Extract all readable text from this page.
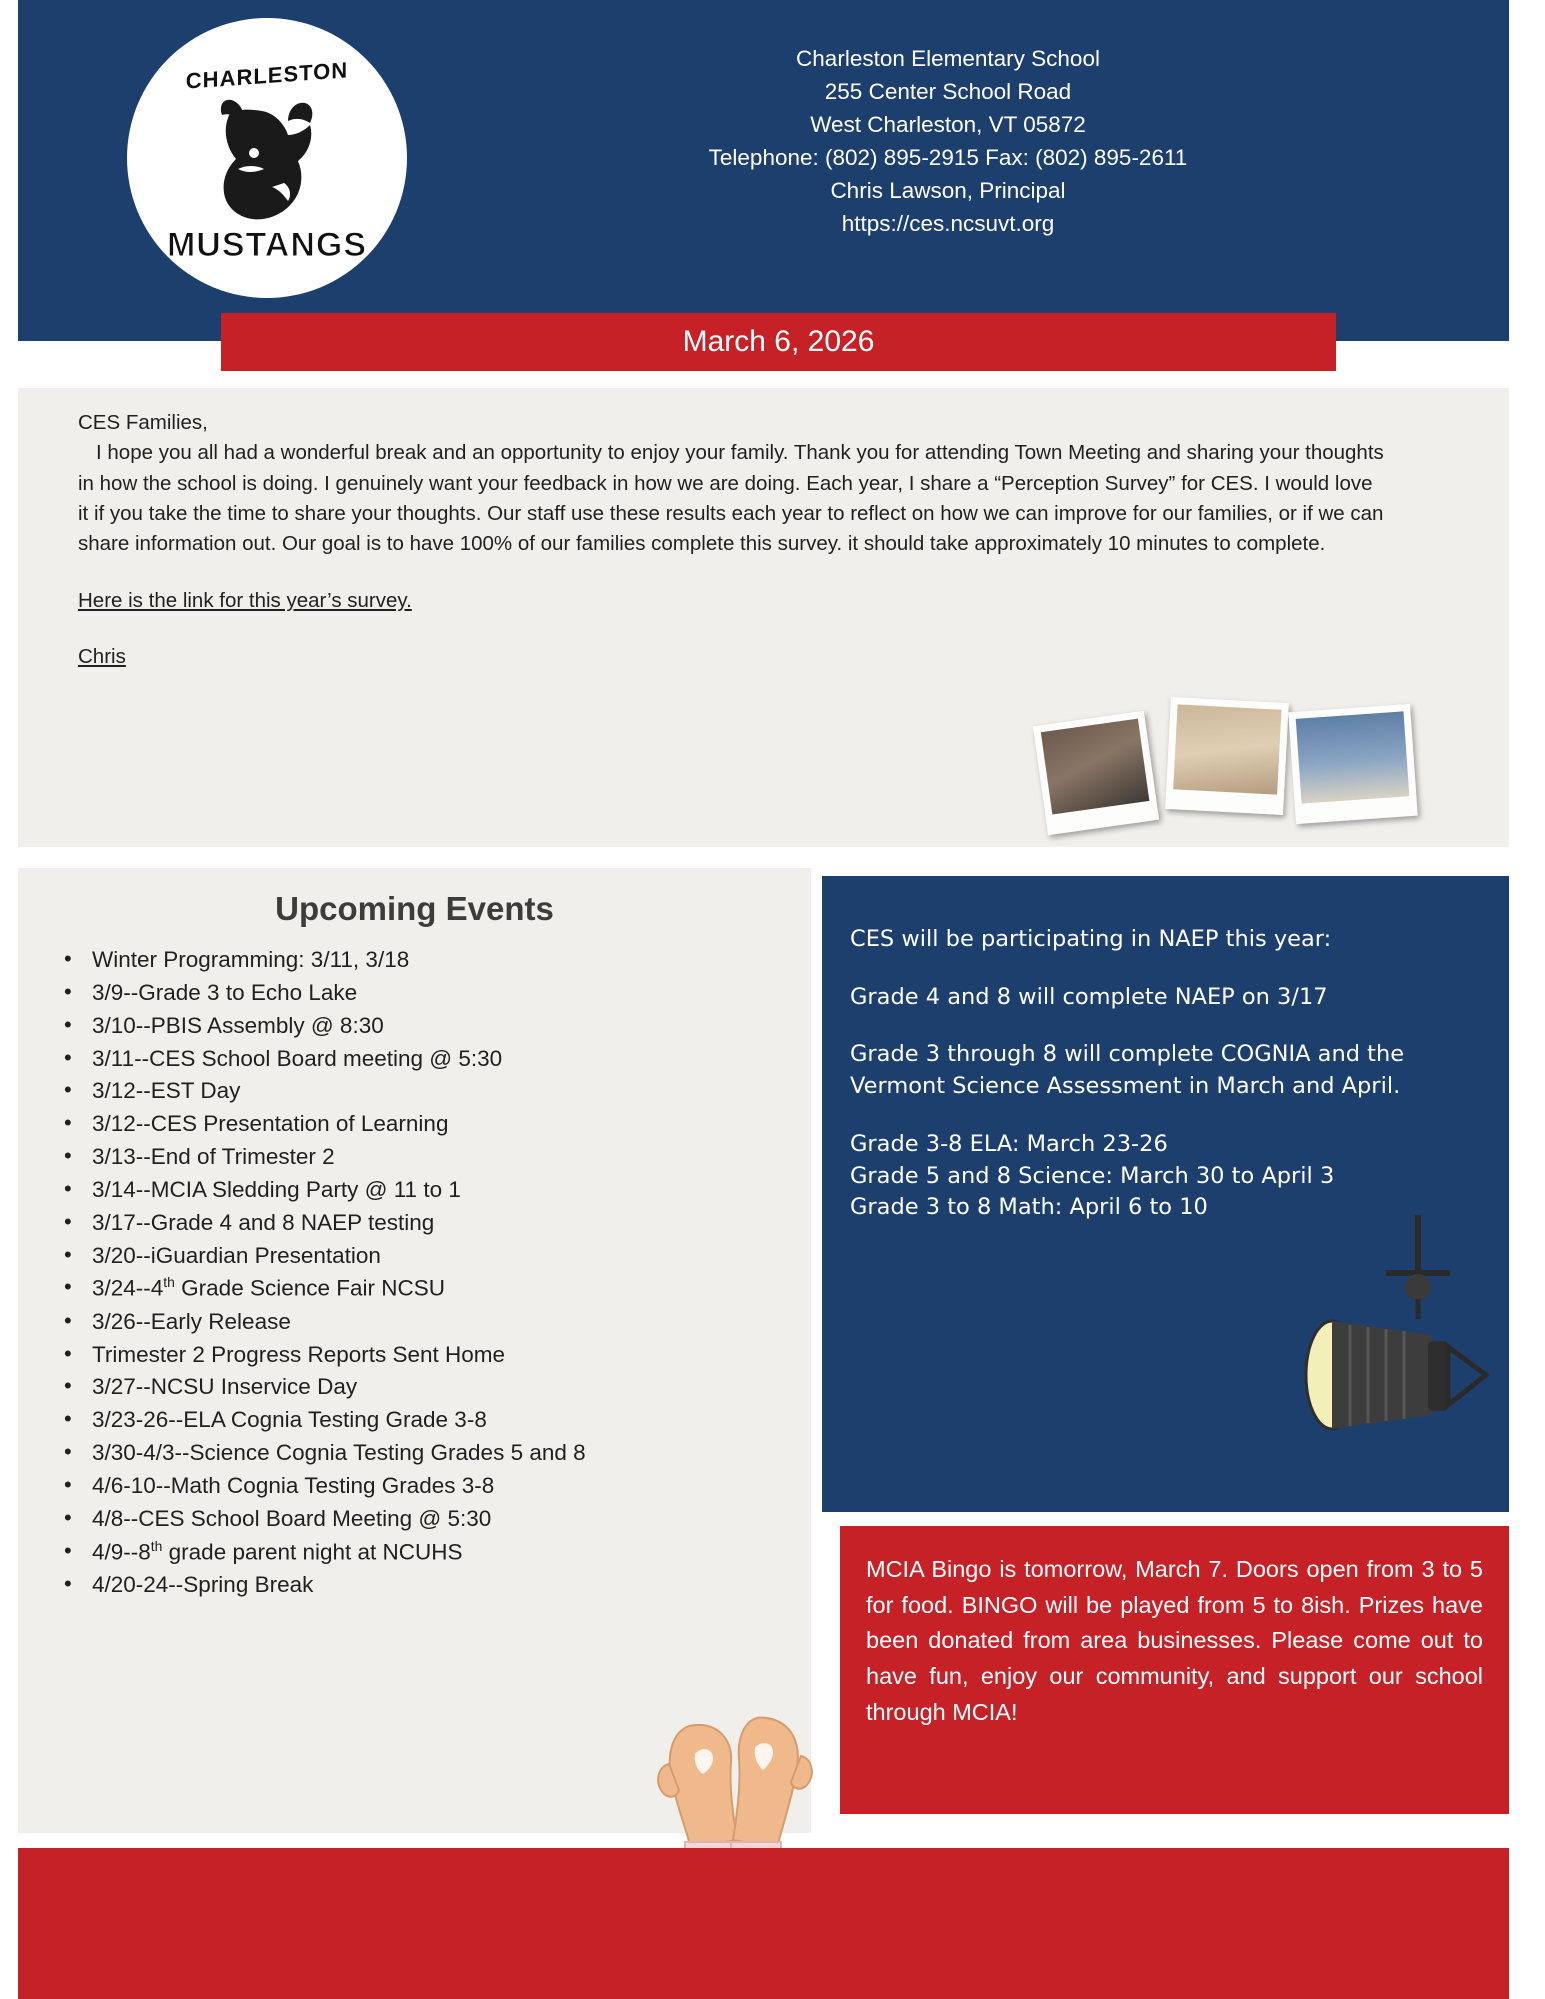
CHARLESTON
MUSTANGS
Charleston Elementary School
255 Center School Road
West Charleston, VT 05872
Telephone: (802) 895-2915 Fax: (802) 895-2611
Chris Lawson, Principal
https://ces.ncsuvt.org
March 6, 2026

CES Families,

I hope you all had a wonderful break and an opportunity to enjoy your family. Thank you for attending Town Meeting and sharing your thoughts in how the school is doing. I genuinely want your feedback in how we are doing. Each year, I share a “Perception Survey” for CES. I would love it if you take the time to share your thoughts. Our staff use these results each year to reflect on how we can improve for our families, or if we can share information out. Our goal is to have 100% of our families complete this survey. it should take approximately 10 minutes to complete.

Here is the link for this year’s survey.

Chris

Upcoming Events
• Winter Programming: 3/11, 3/18
• 3/9--Grade 3 to Echo Lake
• 3/10--PBIS Assembly @ 8:30
• 3/11--CES School Board meeting @ 5:30
• 3/12--EST Day
• 3/12--CES Presentation of Learning
• 3/13--End of Trimester 2
• 3/14--MCIA Sledding Party @ 11 to 1
• 3/17--Grade 4 and 8 NAEP testing
• 3/20--iGuardian Presentation
• 3/24--4th Grade Science Fair NCSU
• 3/26--Early Release
• Trimester 2 Progress Reports Sent Home
• 3/27--NCSU Inservice Day
• 3/23-26--ELA Cognia Testing Grade 3-8
• 3/30-4/3--Science Cognia Testing Grades 5 and 8
• 4/6-10--Math Cognia Testing Grades 3-8
• 4/8--CES School Board Meeting @ 5:30
• 4/9--8th grade parent night at NCUHS
• 4/20-24--Spring Break

CES will be participating in NAEP this year:

Grade 4 and 8 will complete NAEP on 3/17

Grade 3 through 8 will complete COGNIA and the Vermont Science Assessment in March and April.

Grade 3-8 ELA: March 23-26

Grade 5 and 8 Science: March 30 to April 3

Grade 3 to 8 Math: April 6 to 10

MCIA Bingo is tomorrow, March 7. Doors open from 3 to 5 for food. BINGO will be played from 5 to 8ish. Prizes have been donated from area businesses. Please come out to have fun, enjoy our community, and support our school through MCIA!
